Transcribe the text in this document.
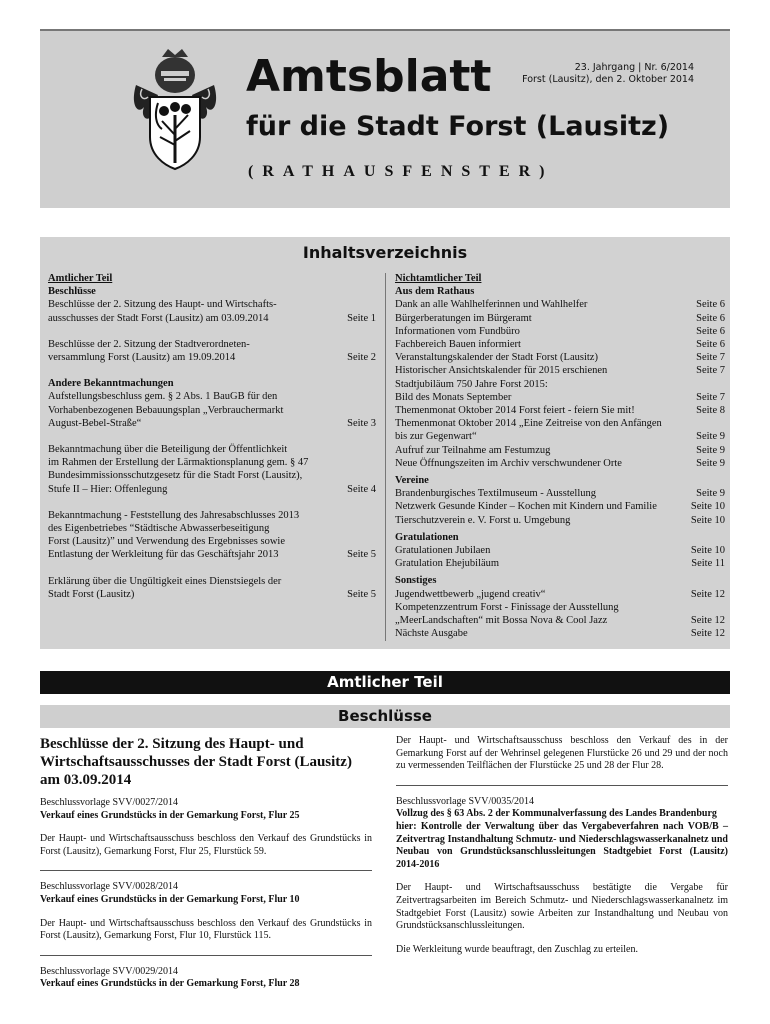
Amtsblatt
für die Stadt Forst (Lausitz)
(RATHAUSFENSTER)
23. Jahrgang | Nr. 6/2014
Forst (Lausitz), den 2. Oktober 2014
Inhaltsverzeichnis
Amtlicher Teil
Beschlüsse
Beschlüsse der 2. Sitzung des Haupt- und Wirtschafts-
ausschusses der Stadt Forst (Lausitz) am 03.09.2014	Seite 1
Beschlüsse der 2. Sitzung der Stadtverordneten-
versammlung Forst (Lausitz) am 19.09.2014	Seite 2
Andere Bekanntmachungen
Aufstellungsbeschluss gem. § 2 Abs. 1 BauGB für den
Vorhabenbezogenen Bebauungsplan „Verbrauchermarkt
August-Bebel-Straße“	Seite 3
Bekanntmachung über die Beteiligung der Öffentlichkeit
im Rahmen der Erstellung der Lärmaktionsplanung gem. § 47
Bundesimmissionsschutzgesetz für die Stadt Forst (Lausitz),
Stufe II – Hier: Offenlegung	Seite 4
Bekanntmachung - Feststellung des Jahresabschlusses 2013
des Eigenbetriebes “Städtische Abwasserbeseitigung
Forst (Lausitz)” und Verwendung des Ergebnisses sowie
Entlastung der Werkleitung für das Geschäftsjahr 2013	Seite 5
Erklärung über die Ungültigkeit eines Dienstsiegels der
Stadt Forst (Lausitz)	Seite 5
Nichtamtlicher Teil
Aus dem Rathaus
Dank an alle Wahlhelferinnen und Wahlhelfer	Seite 6
Bürgerberatungen im Bürgeramt	Seite 6
Informationen vom Fundbüro	Seite 6
Fachbereich Bauen informiert	Seite 6
Veranstaltungskalender der Stadt Forst (Lausitz)	Seite 7
Historischer Ansichtskalender für 2015 erschienen	Seite 7
Stadtjubiläum 750 Jahre Forst 2015:
Bild des Monats September	Seite 7
Themenmonat Oktober 2014 Forst feiert - feiern Sie mit!	Seite 8
Themenmonat Oktober 2014 „Eine Zeitreise von den Anfängen
bis zur Gegenwart“	Seite 9
Aufruf zur Teilnahme am Festumzug	Seite 9
Neue Öffnungszeiten im Archiv verschwundener Orte	Seite 9
Vereine
Brandenburgisches Textilmuseum - Ausstellung	Seite 9
Netzwerk Gesunde Kinder – Kochen mit Kindern und Familie	Seite 10
Tierschutzverein e. V. Forst u. Umgebung	Seite 10
Gratulationen
Gratulationen Jubilaen	Seite 10
Gratulation Ehejubiläum	Seite 11
Sonstiges
Jugendwettbewerb „jugend creativ“	Seite 12
Kompetenzzentrum Forst - Finissage der Ausstellung
„MeerLandschaften“ mit Bossa Nova & Cool Jazz	Seite 12
Nächste Ausgabe	Seite 12
Amtlicher Teil
Beschlüsse
Beschlüsse der 2. Sitzung des Haupt- und Wirtschaftsausschusses der Stadt Forst (Lausitz) am 03.09.2014
Beschlussvorlage SVV/0027/2014
Verkauf eines Grundstücks in der Gemarkung Forst, Flur 25
Der Haupt- und Wirtschaftsausschuss beschloss den Verkauf des Grundstücks in Forst (Lausitz), Gemarkung Forst, Flur 25, Flurstück 59.
Beschlussvorlage SVV/0028/2014
Verkauf eines Grundstücks in der Gemarkung Forst, Flur 10
Der Haupt- und Wirtschaftsausschuss beschloss den Verkauf des Grundstücks in Forst (Lausitz), Gemarkung Forst, Flur 10, Flurstück 115.
Beschlussvorlage SVV/0029/2014
Verkauf eines Grundstücks in der Gemarkung Forst, Flur 28
Der Haupt- und Wirtschaftsausschuss beschloss den Verkauf des in der Gemarkung Forst auf der Wehrinsel gelegenen Flurstücke 26 und 29 und der noch zu vermessenden Teilflächen der Flurstücke 25 und 28 der Flur 28.
Beschlussvorlage SVV/0035/2014
Vollzug des § 63 Abs. 2 der Kommunalverfassung des Landes Brandenburg
hier: Kontrolle der Verwaltung über das Vergabeverfahren nach VOB/B – Zeitvertrag Instandhaltung Schmutz- und Niederschlagswasserkanalnetz und Neubau von Grundstücksanschlussleitungen Stadtgebiet Forst (Lausitz) 2014-2016
Der Haupt- und Wirtschaftsausschuss bestätigte die Vergabe für Zeitvertragsarbeiten im Bereich Schmutz- und Niederschlagswasserkanalnetz im Stadtgebiet Forst (Lausitz) sowie Arbeiten zur Instandhaltung und Neubau von Grundstücksanschlussleitungen.
Die Werkleitung wurde beauftragt, den Zuschlag zu erteilen.
